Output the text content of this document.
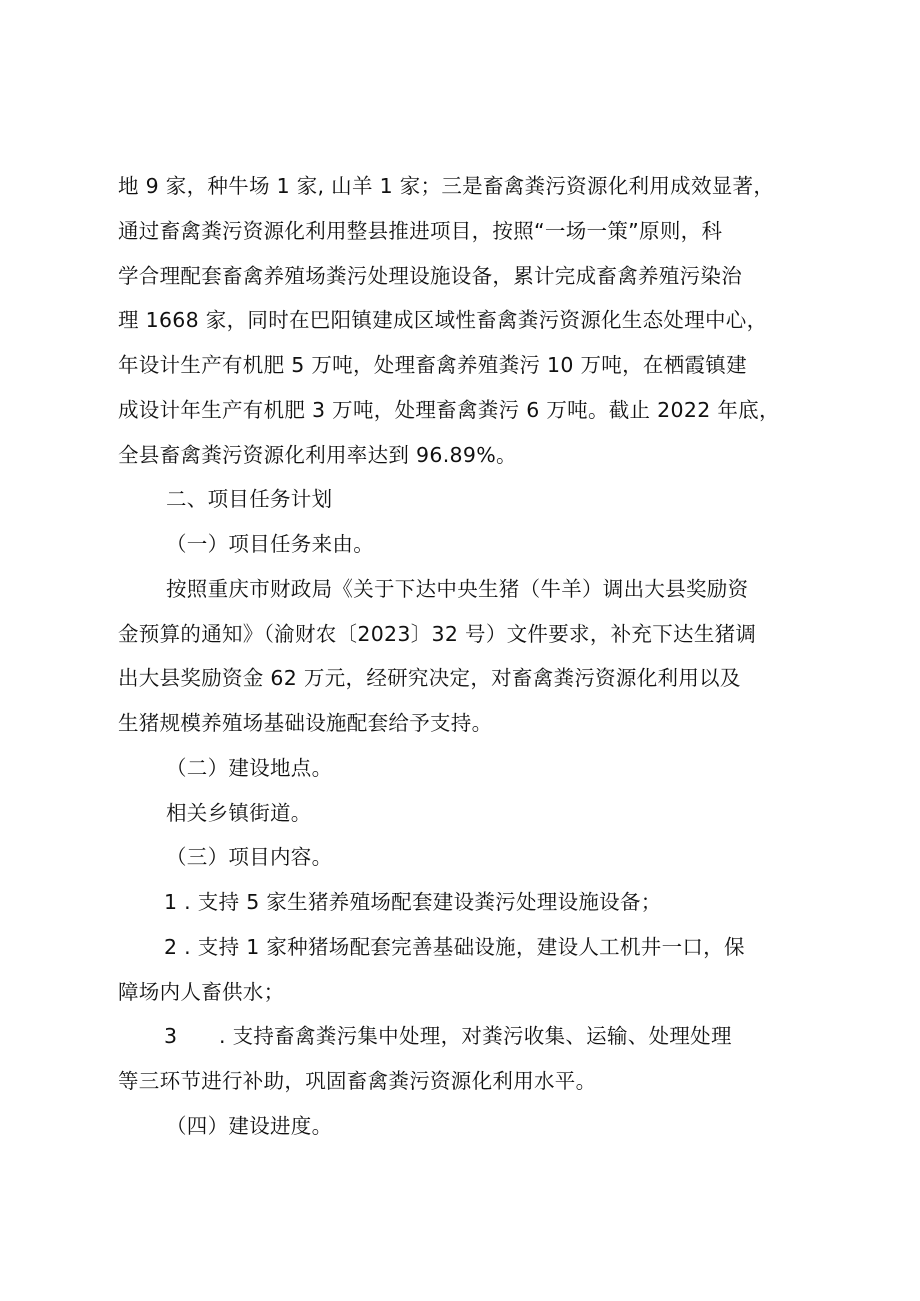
地 9 家，种牛场 1 家, 山羊 1 家；三是畜禽粪污资源化利用成效显著，
通过畜禽粪污资源化利用整县推进项目，按照“一场一策”原则，科
学合理配套畜禽养殖场粪污处理设施设备，累计完成畜禽养殖污染治
理 1668 家，同时在巴阳镇建成区域性畜禽粪污资源化生态处理中心，
年设计生产有机肥 5 万吨，处理畜禽养殖粪污 10 万吨，在栖霞镇建
成设计年生产有机肥 3 万吨，处理畜禽粪污 6 万吨。截止 2022 年底，
全县畜禽粪污资源化利用率达到 96.89%。
二、项目任务计划
（一）项目任务来由。
按照重庆市财政局《关于下达中央生猪（牛羊）调出大县奖励资
金预算的通知》（渝财农〔2023〕32 号）文件要求，补充下达生猪调
出大县奖励资金 62 万元，经研究决定，对畜禽粪污资源化利用以及
生猪规模养殖场基础设施配套给予支持。
（二）建设地点。
相关乡镇街道。
（三）项目内容。
1 . 支持 5 家生猪养殖场配套建设粪污处理设施设备；
2 . 支持 1 家种猪场配套完善基础设施，建设人工机井一口，保
障场内人畜供水；
3　　. 支持畜禽粪污集中处理，对粪污收集、运输、处理处理
等三环节进行补助，巩固畜禽粪污资源化利用水平。
（四）建设进度。
